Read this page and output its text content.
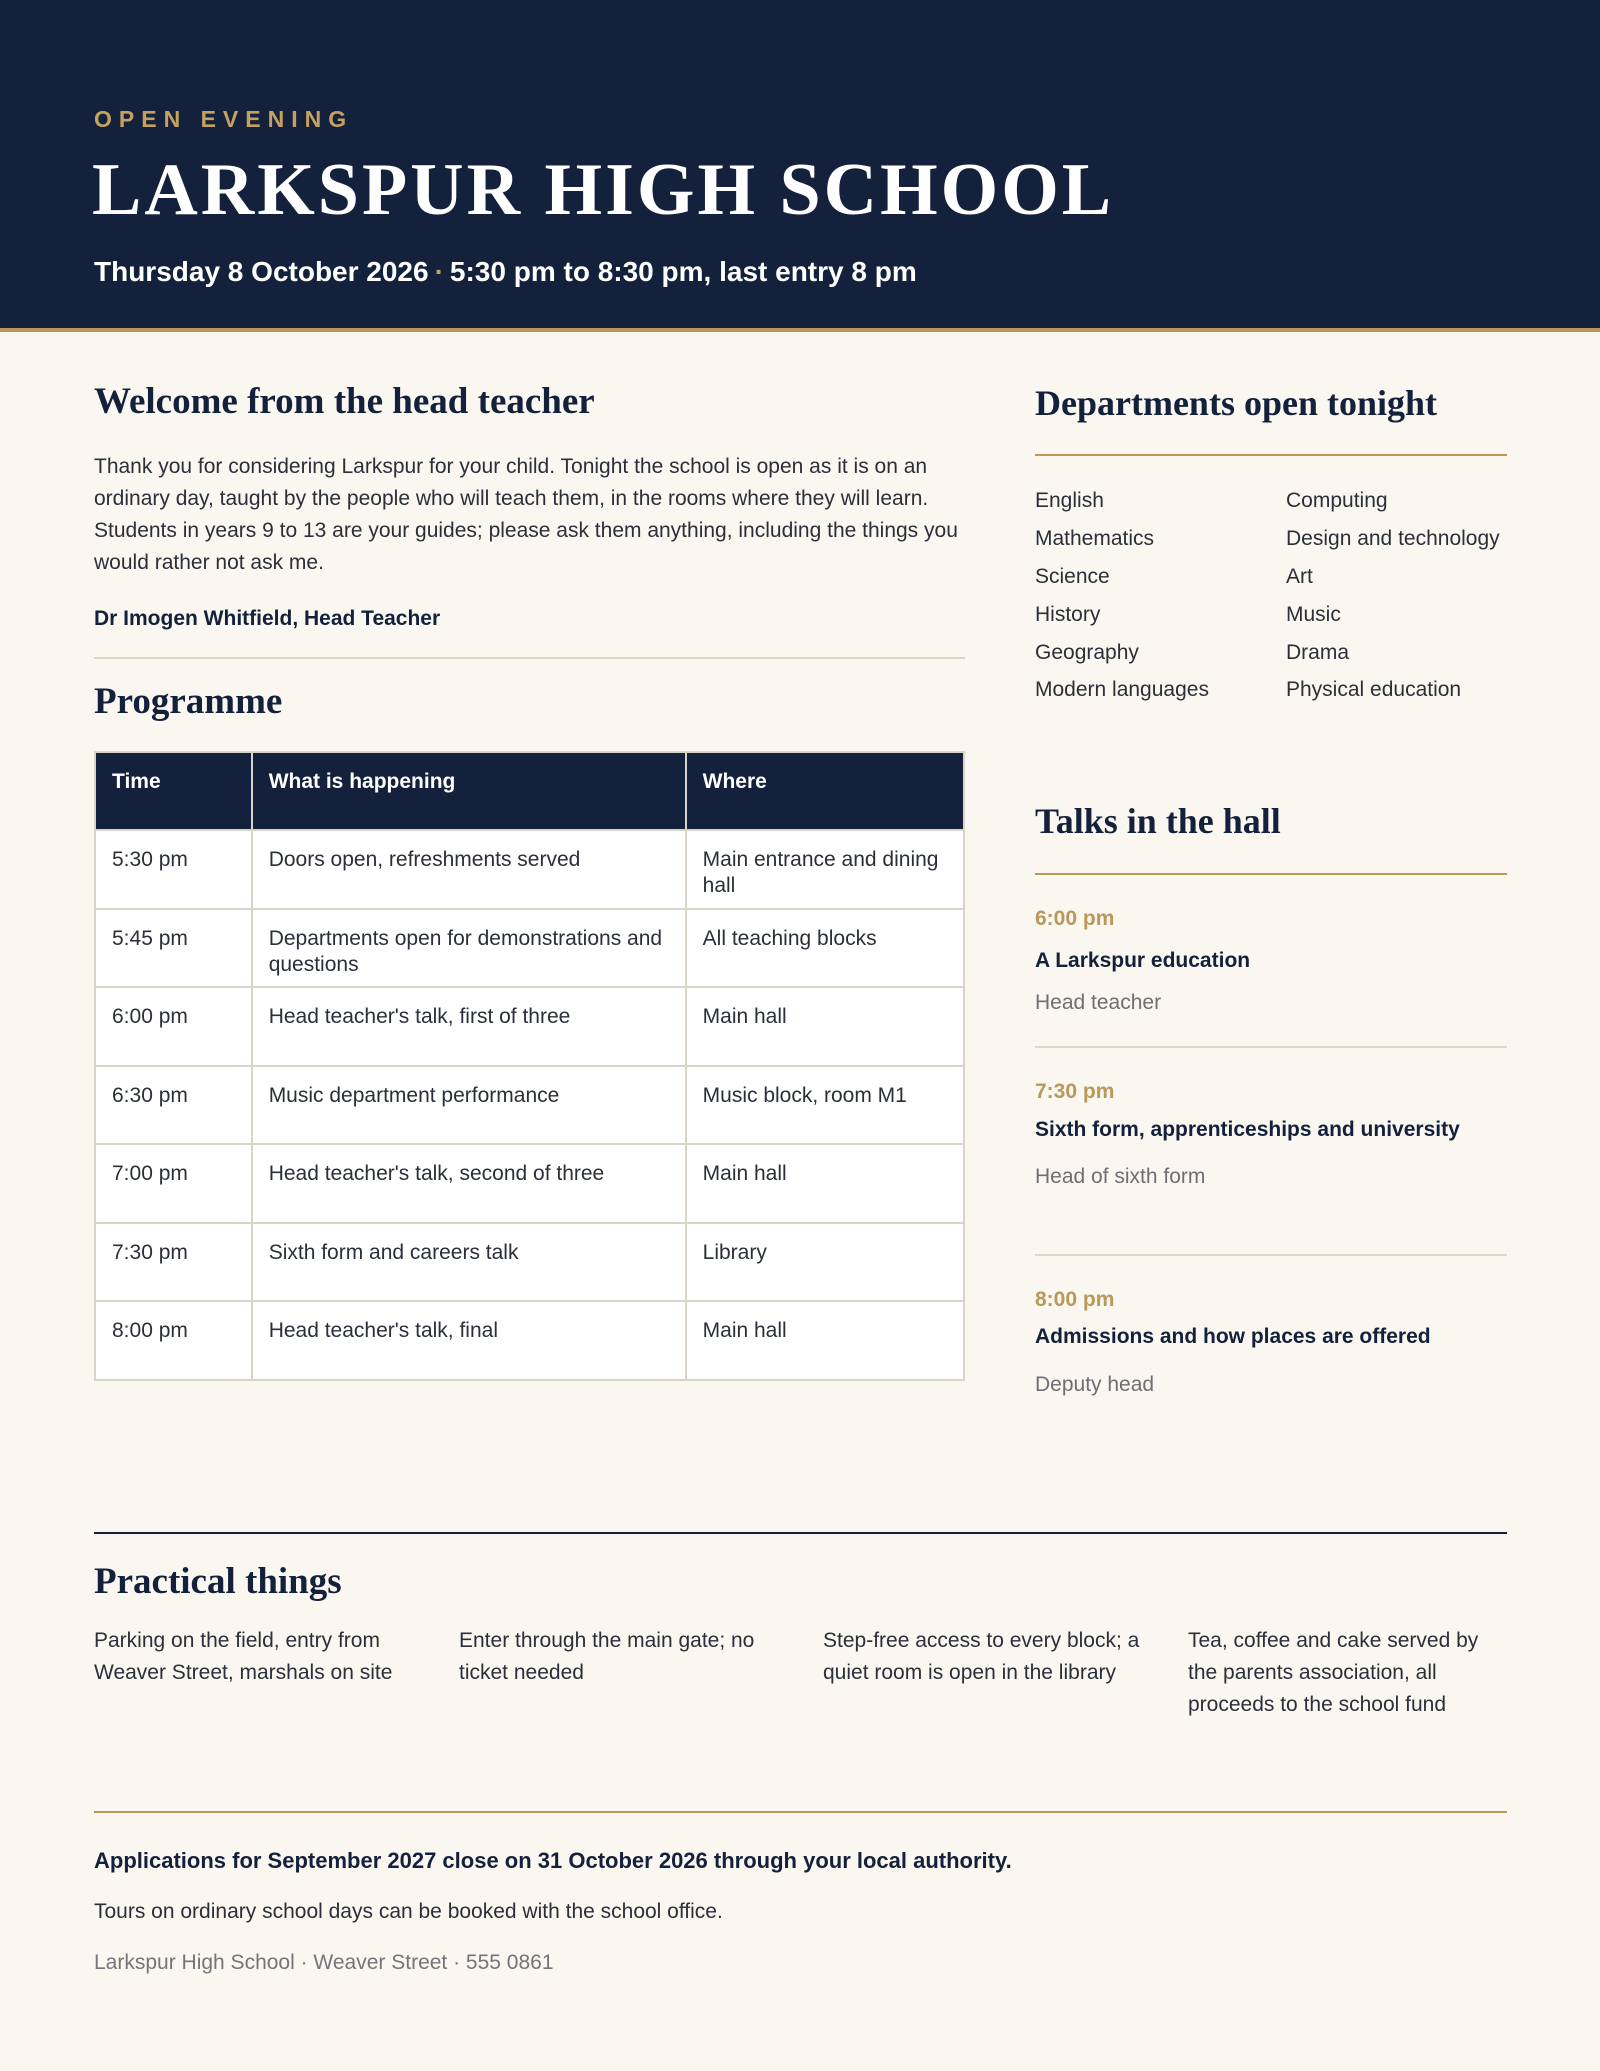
OPEN EVENING
LARKSPUR HIGH SCHOOL
Thursday 8 October 2026 · 5:30 pm to 8:30 pm, last entry 8 pm
Welcome from the head teacher
Thank you for considering Larkspur for your child. Tonight the school is open as it is on an ordinary day, taught by the people who will teach them, in the rooms where they will learn. Students in years 9 to 13 are your guides; please ask them anything, including the things you would rather not ask me.
Dr Imogen Whitfield, Head Teacher
Programme
Time	What is happening	Where
5:30 pm	Doors open, refreshments served	Main entrance and dining hall
5:45 pm	Departments open for demonstrations and questions	All teaching blocks
6:00 pm	Head teacher's talk, first of three	Main hall
6:30 pm	Music department performance	Music block, room M1
7:00 pm	Head teacher's talk, second of three	Main hall
7:30 pm	Sixth form and careers talk	Library
8:00 pm	Head teacher's talk, final	Main hall
Departments open tonight
English
Mathematics
Science
History
Geography
Modern languages
Computing
Design and technology
Art
Music
Drama
Physical education
Talks in the hall
6:00 pm
A Larkspur education
Head teacher
7:30 pm
Sixth form, apprenticeships and university
Head of sixth form
8:00 pm
Admissions and how places are offered
Deputy head
Practical things
Parking on the field, entry from Weaver Street, marshals on site
Enter through the main gate; no ticket needed
Step-free access to every block; a quiet room is open in the library
Tea, coffee and cake served by the parents association, all proceeds to the school fund
Applications for September 2027 close on 31 October 2026 through your local authority.
Tours on ordinary school days can be booked with the school office.
Larkspur High School · Weaver Street · 555 0861
